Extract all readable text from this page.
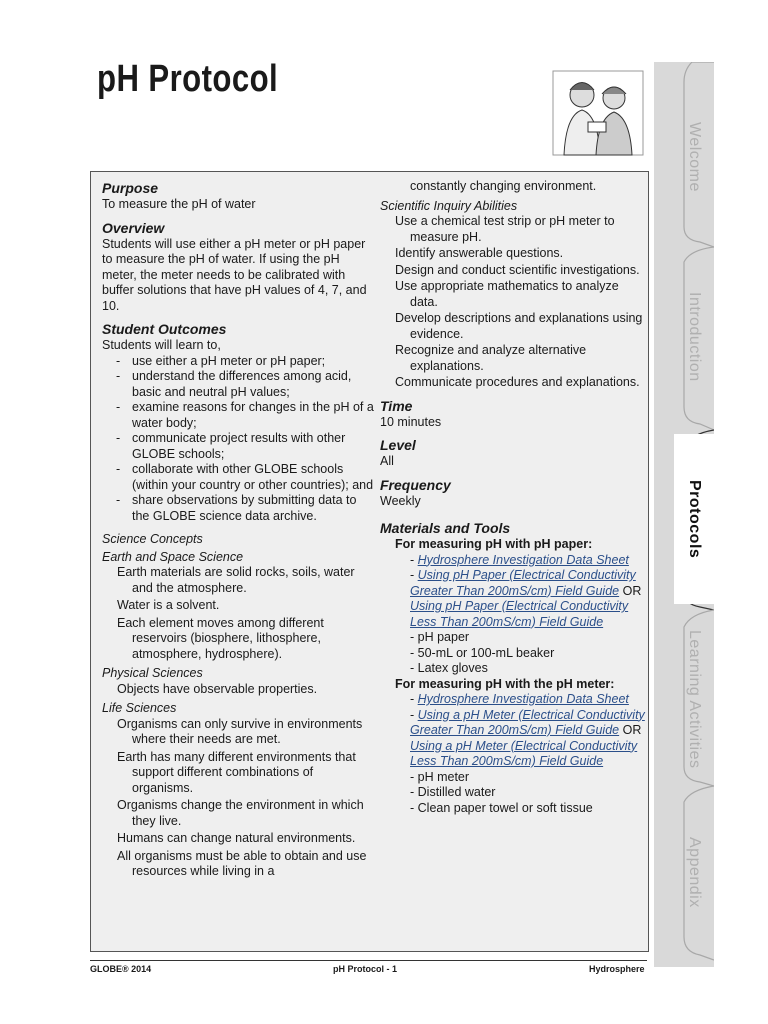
pH Protocol
Purpose

To measure the pH of water

Overview

Students will use either a pH meter or pH paper to measure the pH of water. If using the pH meter, the meter needs to be calibrated with buffer solutions that have pH values of 4, 7, and 10.

Student Outcomes

Students will learn to,

- use either a pH meter or pH paper;
- understand the differences among acid, basic and neutral pH values;
- examine reasons for changes in the pH of a water body;
- communicate project results with other GLOBE schools;
- collaborate with other GLOBE schools (within your country or other countries); and
- share observations by submitting data to the GLOBE science data archive.

Science Concepts

Earth and Space Science

Earth materials are solid rocks, soils, water and the atmosphere.

Water is a solvent.

Each element moves among different reservoirs (biosphere, lithosphere, atmosphere, hydrosphere).

Physical Sciences

Objects have observable properties.

Life Sciences

Organisms can only survive in environments where their needs are met.

Earth has many different environments that support different combinations of organisms.

Organisms change the environment in which they live.

Humans can change natural environments.

All organisms must be able to obtain and use resources while living in a

constantly changing environment.

Scientific Inquiry Abilities

Use a chemical test strip or pH meter to measure pH.

Identify answerable questions.

Design and conduct scientific investigations.

Use appropriate mathematics to analyze data.

Develop descriptions and explanations using evidence.

Recognize and analyze alternative explanations.

Communicate procedures and explanations.

Time

10 minutes

Level

All

Frequency

Weekly

Materials and Tools

For measuring pH with pH paper:

- Hydrosphere Investigation Data Sheet

- Using pH Paper (Electrical Conductivity Greater Than 200mS/cm) Field Guide OR Using pH Paper (Electrical Conductivity Less Than 200mS/cm) Field Guide

- pH paper

- 50-mL or 100-mL beaker

- Latex gloves

For measuring pH with the pH meter:

- Hydrosphere Investigation Data Sheet

- Using a pH Meter (Electrical Conductivity Greater Than 200mS/cm) Field Guide OR Using a pH Meter (Electrical Conductivity Less Than 200mS/cm) Field Guide

- pH meter

- Distilled water

- Clean paper towel or soft tissue

Welcome
Introduction
Protocols
Learning Activities
Appendix
GLOBE® 2014	pH Protocol - 1	Hydrosphere
